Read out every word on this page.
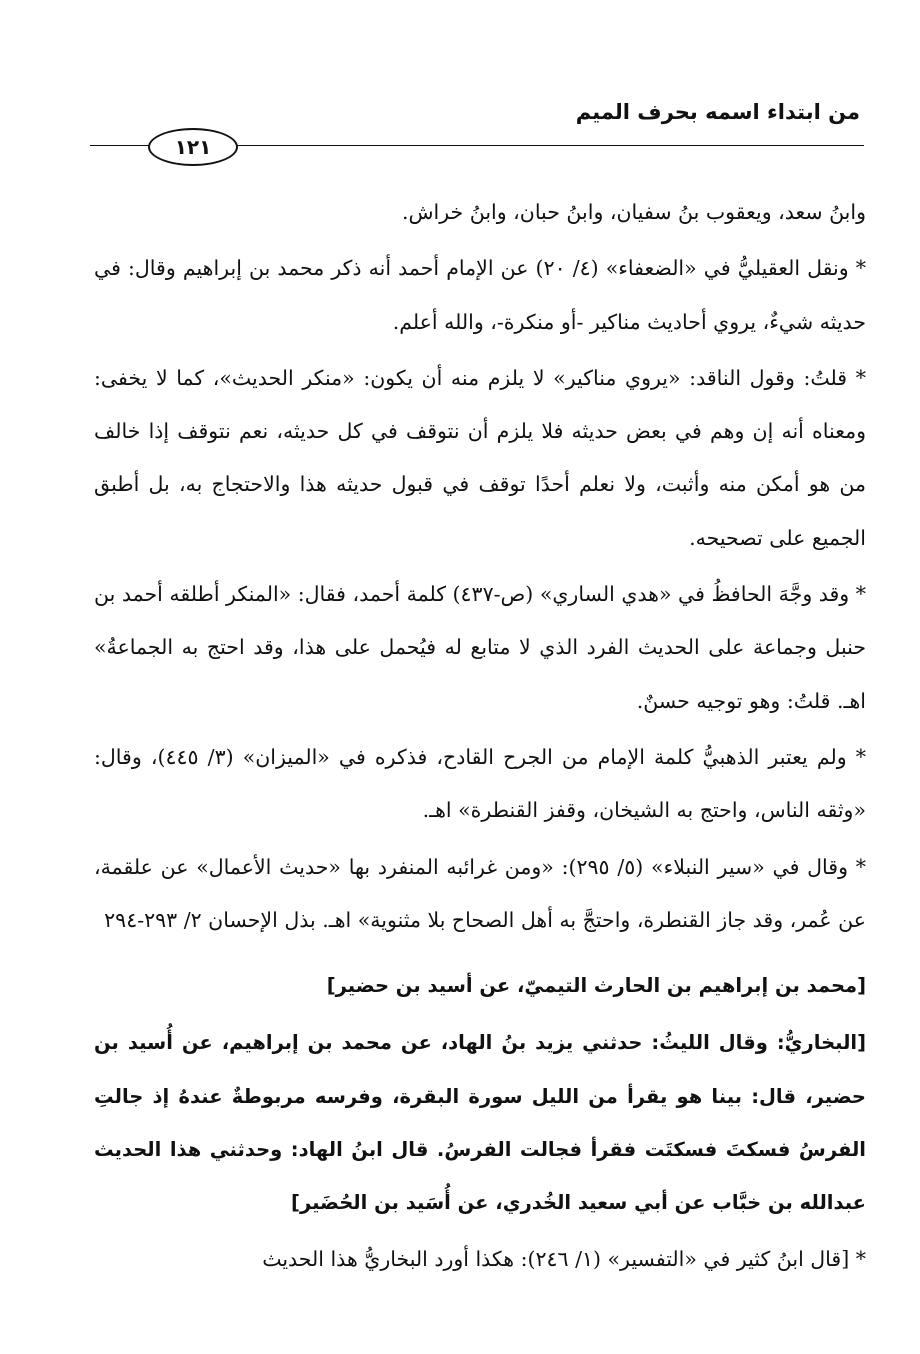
من ابتداء اسمه بحرف الميم
١٢١

وابنُ سعد، ويعقوب بنُ سفيان، وابنُ حبان، وابنُ خراش.

* ونقل العقيليُّ في «الضعفاء» (٤/ ٢٠) عن الإمام أحمد أنه ذكر محمد بن إبراهيم وقال: في حديثه شيءٌ، يروي أحاديث مناكير -أو منكرة-، والله أعلم.

* قلتُ: وقول الناقد: «يروي مناكير» لا يلزم منه أن يكون: «منكر الحديث»، كما لا يخفى: ومعناه أنه إن وهم في بعض حديثه فلا يلزم أن نتوقف في كل حديثه، نعم نتوقف إذا خالف من هو أمكن منه وأثبت، ولا نعلم أحدًا توقف في قبول حديثه هذا والاحتجاج به، بل أطبق الجميع على تصحيحه.

* وقد وجَّهَ الحافظُ في «هدي الساري» (ص-٤٣٧) كلمة أحمد، فقال: «المنكر أطلقه أحمد بن حنبل وجماعة على الحديث الفرد الذي لا متابع له فيُحمل على هذا، وقد احتج به الجماعةُ» اهـ. قلتُ: وهو توجيه حسنٌ.

* ولم يعتبر الذهبيُّ كلمة الإمام من الجرح القادح، فذكره في «الميزان» (٣/ ٤٤٥)، وقال: «وثقه الناس، واحتج به الشيخان، وقفز القنطرة» اهـ.

* وقال في «سير النبلاء» (٥/ ٢٩٥): «ومن غرائبه المنفرد بها «حديث الأعمال» عن علقمة، عن عُمر، وقد جاز القنطرة، واحتجَّ به أهل الصحاح بلا مثنوية» اهـ. بذل الإحسان ٢/ ٢٩٣-٢٩٤

[محمد بن إبراهيم بن الحارث التيميّ، عن أسيد بن حضير]

[البخاريُّ: وقال الليثُ: حدثني يزيد بنُ الهاد، عن محمد بن إبراهيم، عن أُسيد بن حضير، قال: بينا هو يقرأ من الليل سورة البقرة، وفرسه مربوطةٌ عندهُ إذ جالتِ الفرسُ فسكتَ فسكتَت فقرأ فجالت الفرسُ. قال ابنُ الهاد: وحدثني هذا الحديث عبدالله بن خبَّاب عن أبي سعيد الخُدري، عن أُسَيد بن الحُضَير]

* [قال ابنُ كثير في «التفسير» (١/ ٢٤٦): هكذا أورد البخاريُّ هذا الحديث
